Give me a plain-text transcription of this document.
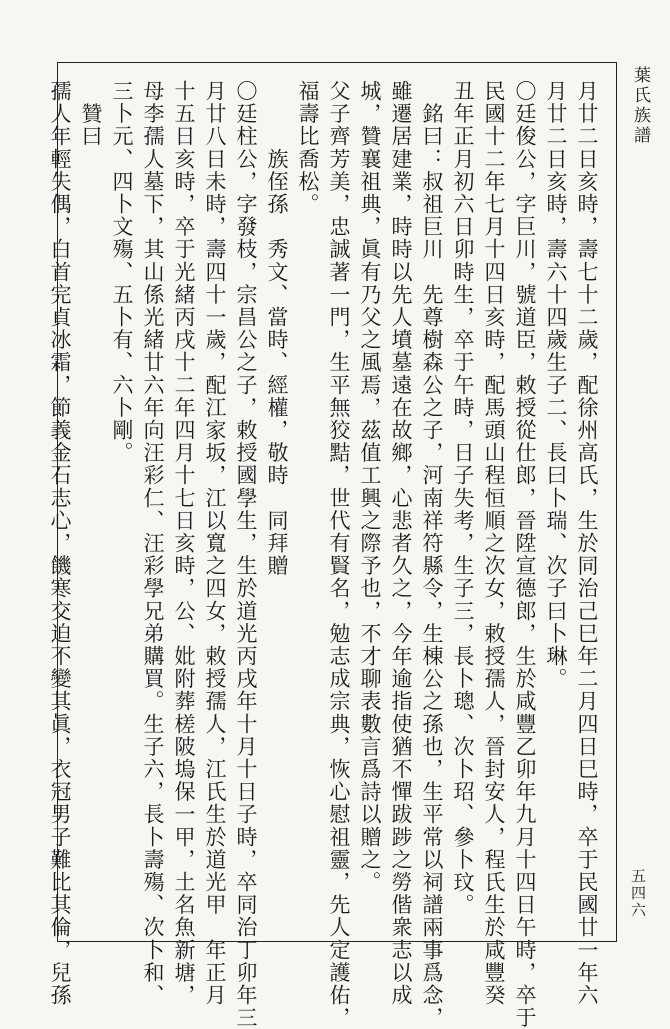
葉氏族譜
五四六
月廿二日亥時，壽七十二歲，配徐州高氏，生於同治己巳年二月四日巳時，卒于民國廿一年六
月廿二日亥時，壽六十四歲生子二、長曰卜瑞、次子曰卜琳。
〇廷俊公，字巨川，號道臣，敕授從仕郎，晉陞宣德郎，生於咸豐乙卯年九月十四日午時，卒于
民國十二年七月十四日亥時，配馬頭山程恒順之次女，敕授孺人，晉封安人，程氏生於咸豐癸
丑年正月初六日卯時生，卒于午時，日子失考，生子三，長卜璁、次卜玿、參卜玟。
　銘曰：叔祖巨川　先尊樹森公之子，河南祥符縣令，生棟公之孫也，生平常以祠譜兩事爲念，
雖遷居建業，時時以先人墳墓遠在故鄉，心悲者久之，今年逾指使猶不憚跋踄之勞偕衆志以成
城，贊襄祖典，眞有乃父之風焉，茲值工興之際予也，不才聊表數言爲詩以贈之。
父子齊芳美，忠誠著一門，生平無狡黠，世代有賢名，勉志成宗典，恢心慰祖靈，先人定護佑，
福壽比喬松。
　　　族侄孫　秀文、當時、經權，敬時　同拜贈
〇廷柱公，字發枝，宗昌公之子，敕授國學生，生於道光丙戌年十月十日子時，卒同治丁卯年三
月廿八日未時，壽四十一歲，配江家坂，江以寬之四女，敕授孺人，江氏生於道光甲　年正月
十五日亥時，卒于光緒丙戌十二年四月十七日亥時，公、妣附葬槎陂塢保一甲，土名魚新塘，
母李孺人墓下，其山係光緒廿六年向汪彩仁、汪彩學兄弟購買。生子六，長卜壽殤、次卜和、
三卜元、四卜文殤、五卜有、六卜剛。
　贊曰
孺人年輕失偶，白首完貞冰霜，節義金石志心，饑寒交迫不變其眞，衣冠男子難比其倫，兒孫
